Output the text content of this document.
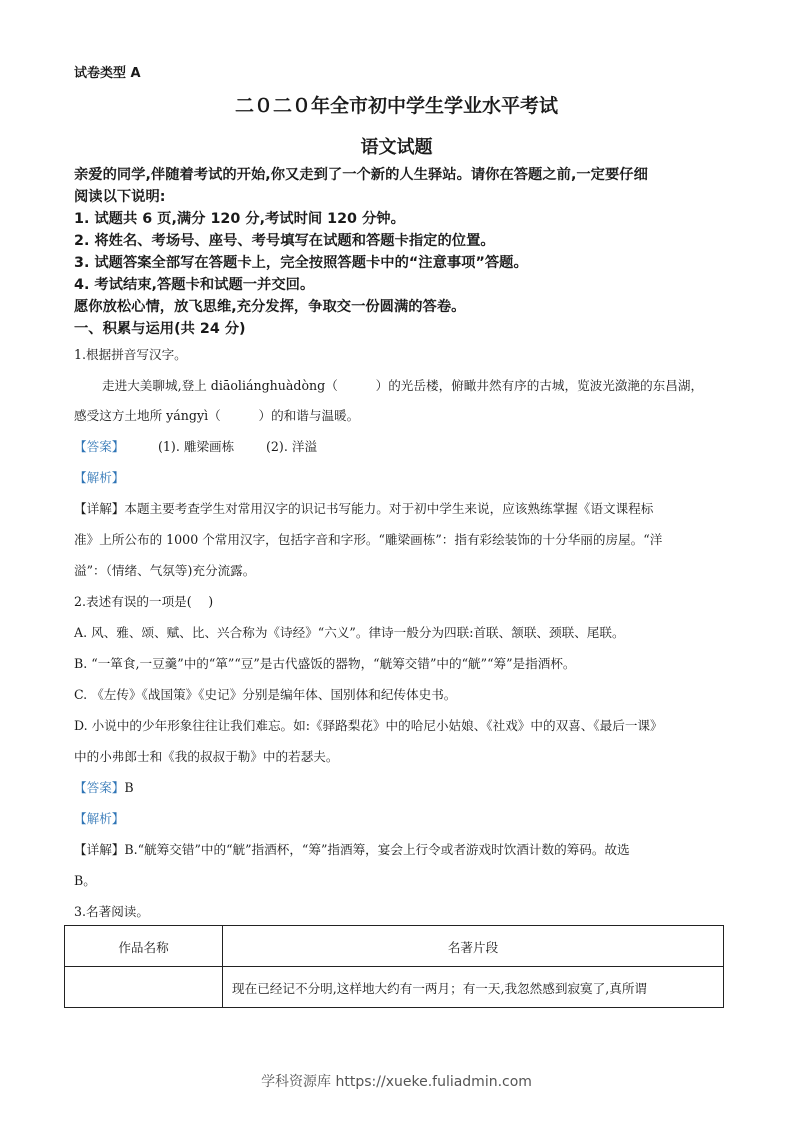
试卷类型 A
二０二０年全市初中学生学业水平考试
语文试题
亲爱的同学,伴随着考试的开始,你又走到了一个新的人生驿站。请你在答题之前,一定要仔细
阅读以下说明:
1. 试题共 6 页,满分 120 分,考试时间 120 分钟。
2. 将姓名、考场号、座号、考号填写在试题和答题卡指定的位置。
3. 试题答案全部写在答题卡上，完全按照答题卡中的“注意事项”答题。
4. 考试结束,答题卡和试题一并交回。
愿你放松心情，放飞思维,充分发挥，争取交一份圆满的答卷。
一、积累与运用(共 24 分)
1.根据拼音写汉字。
走进大美聊城,登上 diāoliánghuàdòng（　　　）的光岳楼，俯瞰井然有序的古城，览波光潋滟的东昌湖，
感受这方土地所 yángyì（　　　）的和谐与温暖。
【答案】	(1). 雕梁画栋	(2). 洋溢
【解析】
【详解】本题主要考查学生对常用汉字的识记书写能力。对于初中学生来说，应该熟练掌握《语文课程标
准》上所公布的 1000 个常用汉字，包括字音和字形。“雕梁画栋”：指有彩绘装饰的十分华丽的房屋。“洋
溢”：（情绪、气氛等)充分流露。
2.表述有误的一项是(　 )
A. 风、雅、颂、赋、比、兴合称为《诗经》“六义”。律诗一般分为四联:首联、颔联、颈联、尾联。
B. “一箪食,一豆羹”中的“箪”“豆”是古代盛饭的器物，“觥筹交错”中的“觥”“筹”是指酒杯。
C. 《左传》《战国策》《史记》分别是编年体、国别体和纪传体史书。
D. 小说中的少年形象往往让我们难忘。如:《驿路梨花》中的哈尼小姑娘、《社戏》中的双喜、《最后一课》
中的小弗郎士和《我的叔叔于勒》中的若瑟夫。
【答案】B
【解析】
【详解】B.“觥筹交错”中的“觥”指酒杯，“筹”指酒筹，宴会上行令或者游戏时饮酒计数的筹码。故选
B。
3.名著阅读。
作品名称	名著片段
	现在已经记不分明,这样地大约有一两月；有一天,我忽然感到寂寞了,真所谓
学科资源库 https://xueke.fuliadmin.com
